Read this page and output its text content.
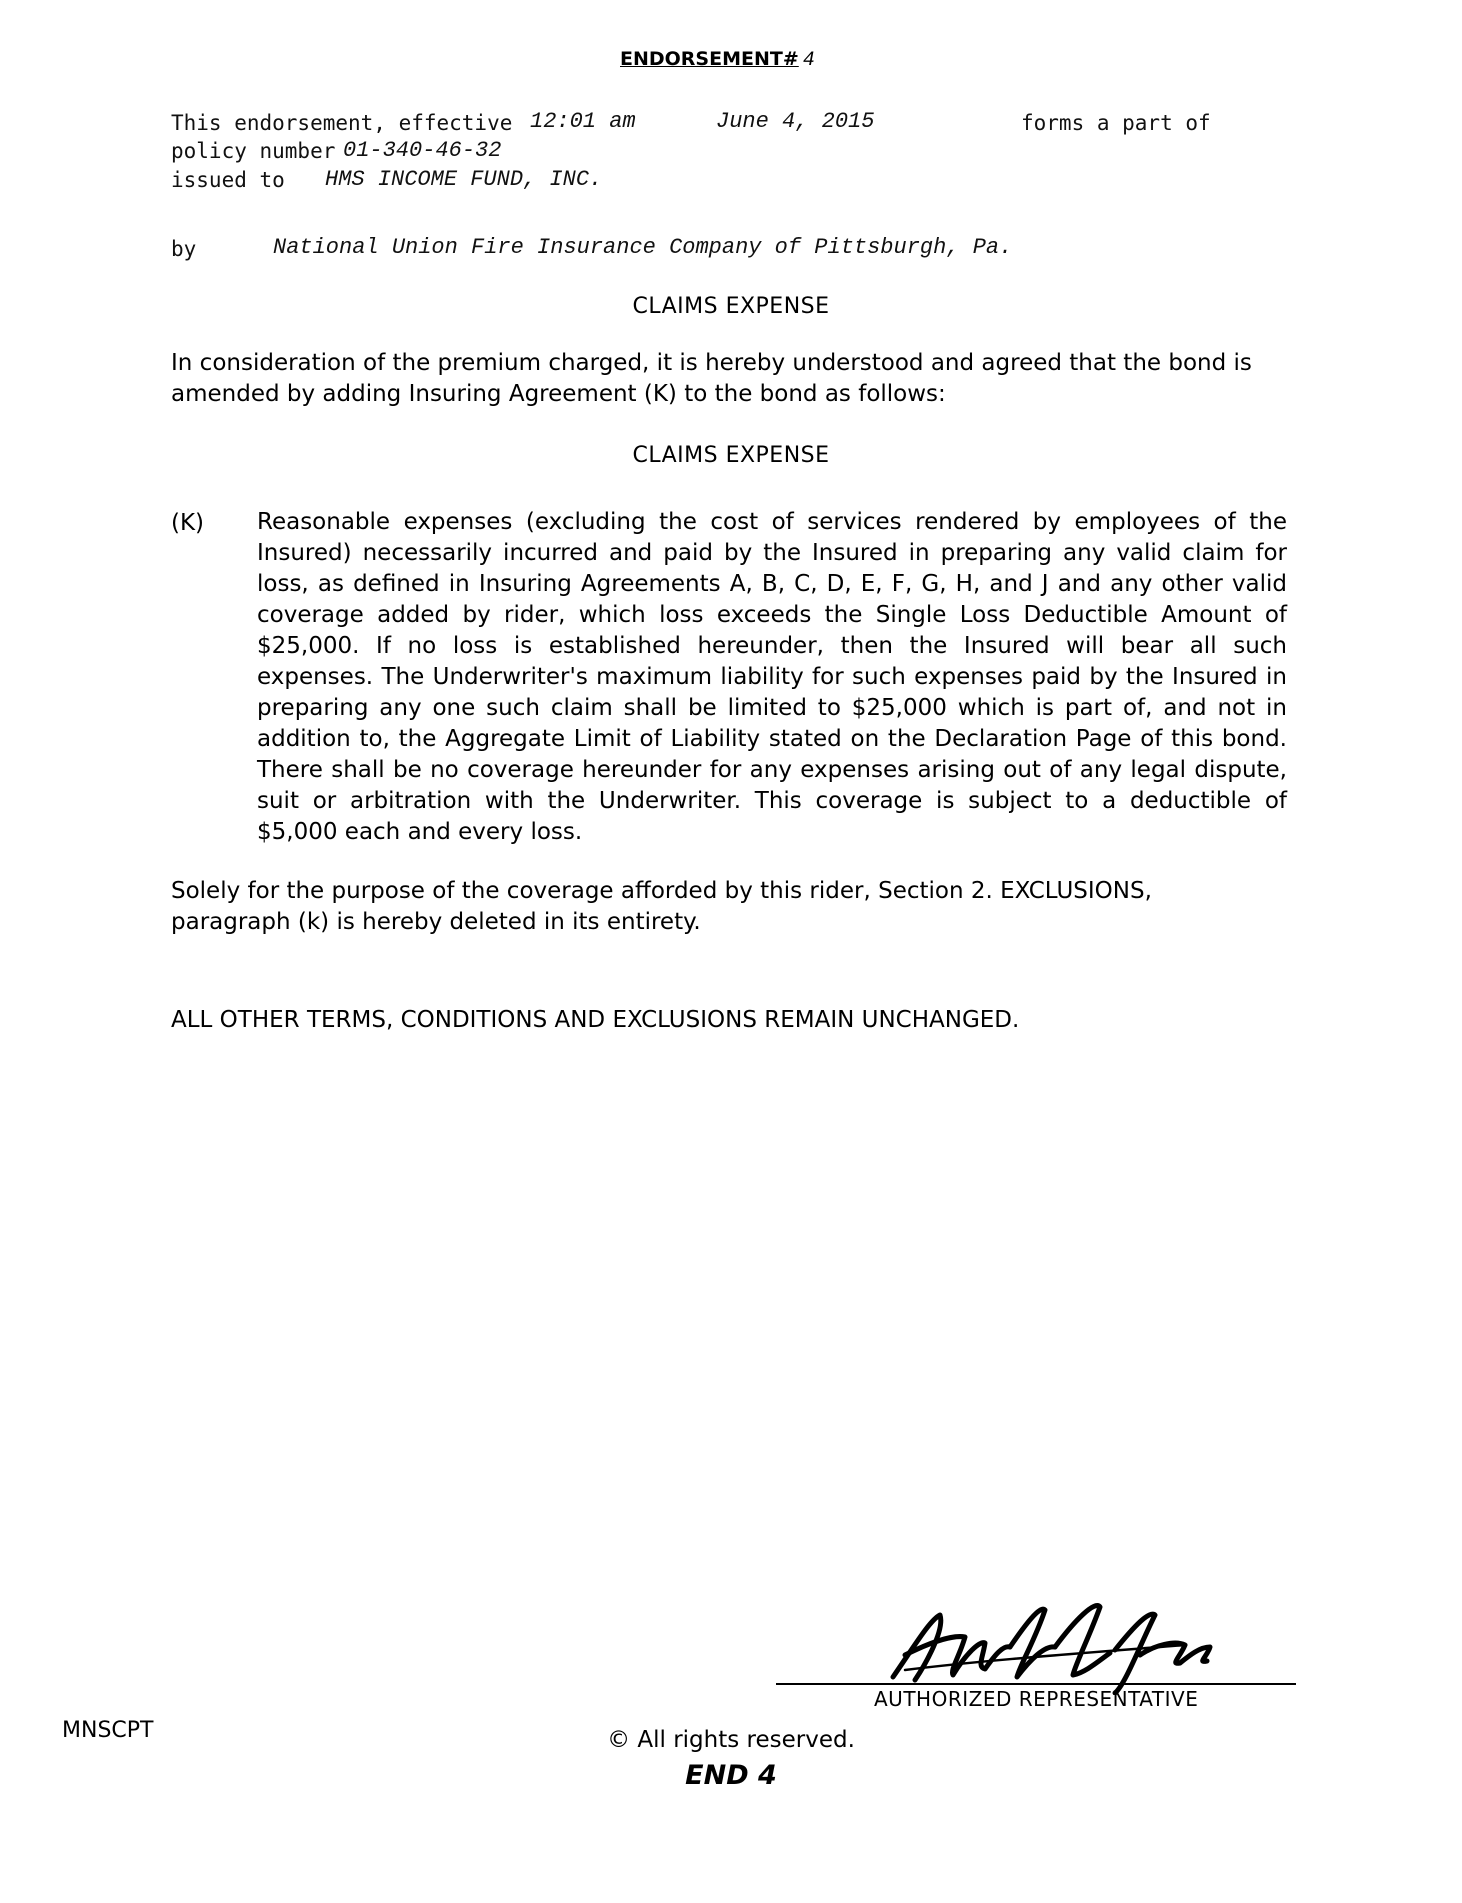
ENDORSEMENT# 4
This endorsement, effective 12:01 am	June 4, 2015	forms a part of
policy number 01-340-46-32
issued to HMS INCOME FUND, INC.
by	National Union Fire Insurance Company of Pittsburgh, Pa.
CLAIMS EXPENSE
In consideration of the premium charged, it is hereby understood and agreed that the bond is amended by adding Insuring Agreement (K) to the bond as follows:
CLAIMS EXPENSE
(K) Reasonable expenses (excluding the cost of services rendered by employees of the Insured) necessarily incurred and paid by the Insured in preparing any valid claim for loss, as defined in Insuring Agreements A, B, C, D, E, F, G, H, and J and any other valid coverage added by rider, which loss exceeds the Single Loss Deductible Amount of $25,000. If no loss is established hereunder, then the Insured will bear all such expenses. The Underwriter's maximum liability for such expenses paid by the Insured in preparing any one such claim shall be limited to $25,000 which is part of, and not in addition to, the Aggregate Limit of Liability stated on the Declaration Page of this bond. There shall be no coverage hereunder for any expenses arising out of any legal dispute, suit or arbitration with the Underwriter. This coverage is subject to a deductible of $5,000 each and every loss.
Solely for the purpose of the coverage afforded by this rider, Section 2. EXCLUSIONS, paragraph (k) is hereby deleted in its entirety.
ALL OTHER TERMS, CONDITIONS AND EXCLUSIONS REMAIN UNCHANGED.
AUTHORIZED REPRESENTATIVE
MNSCPT	© All rights reserved.
END 4
